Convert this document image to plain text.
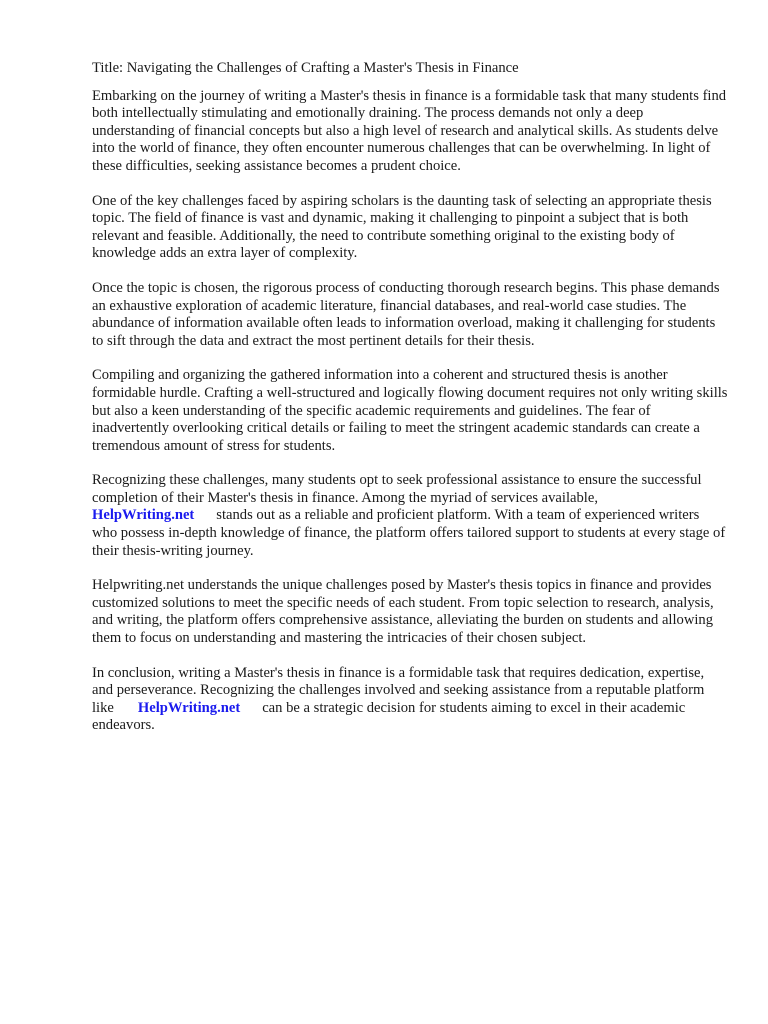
Title: Navigating the Challenges of Crafting a Master's Thesis in Finance

Embarking on the journey of writing a Master's thesis in finance is a formidable task that many students find both intellectually stimulating and emotionally draining. The process demands not only a deep understanding of financial concepts but also a high level of research and analytical skills. As students delve into the world of finance, they often encounter numerous challenges that can be overwhelming. In light of these difficulties, seeking assistance becomes a prudent choice.

One of the key challenges faced by aspiring scholars is the daunting task of selecting an appropriate thesis topic. The field of finance is vast and dynamic, making it challenging to pinpoint a subject that is both relevant and feasible. Additionally, the need to contribute something original to the existing body of knowledge adds an extra layer of complexity.

Once the topic is chosen, the rigorous process of conducting thorough research begins. This phase demands an exhaustive exploration of academic literature, financial databases, and real-world case studies. The abundance of information available often leads to information overload, making it challenging for students to sift through the data and extract the most pertinent details for their thesis.

Compiling and organizing the gathered information into a coherent and structured thesis is another formidable hurdle. Crafting a well-structured and logically flowing document requires not only writing skills but also a keen understanding of the specific academic requirements and guidelines. The fear of inadvertently overlooking critical details or failing to meet the stringent academic standards can create a tremendous amount of stress for students.

Recognizing these challenges, many students opt to seek professional assistance to ensure the successful completion of their Master's thesis in finance. Among the myriad of services available,
HelpWriting.net stands out as a reliable and proficient platform. With a team of experienced writers who possess in-depth knowledge of finance, the platform offers tailored support to students at every stage of their thesis-writing journey.

Helpwriting.net understands the unique challenges posed by Master's thesis topics in finance and provides customized solutions to meet the specific needs of each student. From topic selection to research, analysis, and writing, the platform offers comprehensive assistance, alleviating the burden on students and allowing them to focus on understanding and mastering the intricacies of their chosen subject.

In conclusion, writing a Master's thesis in finance is a formidable task that requires dedication, expertise, and perseverance. Recognizing the challenges involved and seeking assistance from a reputable platform like HelpWriting.net can be a strategic decision for students aiming to excel in their academic endeavors.
